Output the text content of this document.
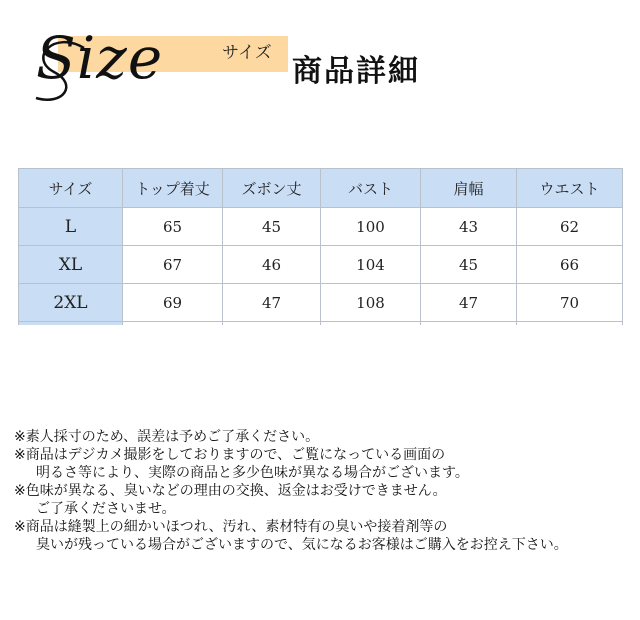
Size	サイズ
商品詳細
サイズ	トップ着丈	ズボン丈	バスト	肩幅	ウエスト
L	65	45	100	43	62
XL	67	46	104	45	66
2XL	69	47	108	47	70

※素人採寸のため、誤差は予めご了承ください。
※商品はデジカメ撮影をしておりますので、ご覧になっている画面の
明るさ等により、実際の商品と多少色味が異なる場合がございます。
※色味が異なる、臭いなどの理由の交換、返金はお受けできません。
ご了承くださいませ。
※商品は縫製上の細かいほつれ、汚れ、素材特有の臭いや接着剤等の
臭いが残っている場合がございますので、気になるお客様はご購入をお控え下さい。
